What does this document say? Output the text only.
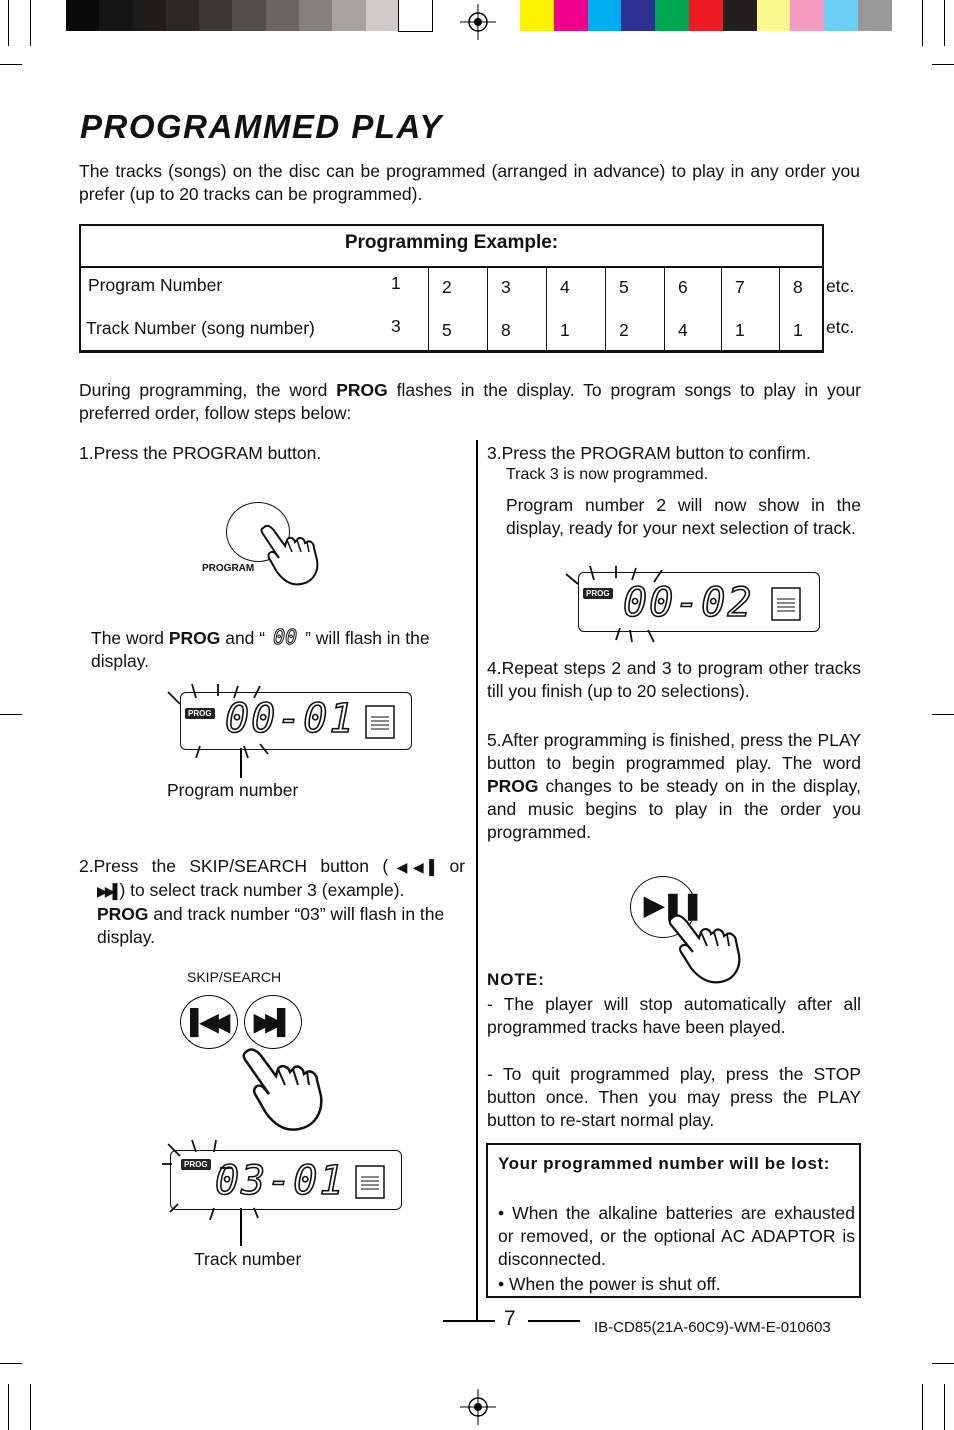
PROGRAMMED PLAY
The tracks (songs) on the disc can be programmed (arranged in advance) to play in any order you prefer (up to 20 tracks can be programmed).
Programming Example:
Program Number
Track Number (song number)
1
3
2
5
3
8
4
1
5
2
6
4
7
1
8
1
etc.
etc.
During programming, the word PROG flashes in the display. To program songs to play in your preferred order, follow steps below:
1.Press the PROGRAM button.
PROGRAM
The word PROG and “ 00 ” will flash in the display.
PROG 00-01
Program number
2.Press the SKIP/SEARCH button (◀◀▌ or
▶▶▌) to select track number 3 (example).
PROG and track number “03” will flash in the display.
SKIP/SEARCH
▌◀◀ ▶▶▌
PROG 03-01
Track number
3.Press the PROGRAM button to confirm.
Track 3 is now programmed.
Program number 2 will now show in the display, ready for your next selection of track.
PROG 00-02
4.Repeat steps 2 and 3 to program other tracks till you finish (up to 20 selections).
5.After programming is finished, press the PLAY button to begin programmed play. The word PROG changes to be steady on in the display, and music begins to play in the order you programmed.
▶❚❚
NOTE:
- The player will stop automatically after all programmed tracks have been played.
- To quit programmed play, press the STOP button once. Then you may press the PLAY button to re-start normal play.
Your programmed number will be lost:
• When the alkaline batteries are exhausted or removed, or the optional AC ADAPTOR is disconnected.
• When the power is shut off.
7	IB-CD85(21A-60C9)-WM-E-010603
